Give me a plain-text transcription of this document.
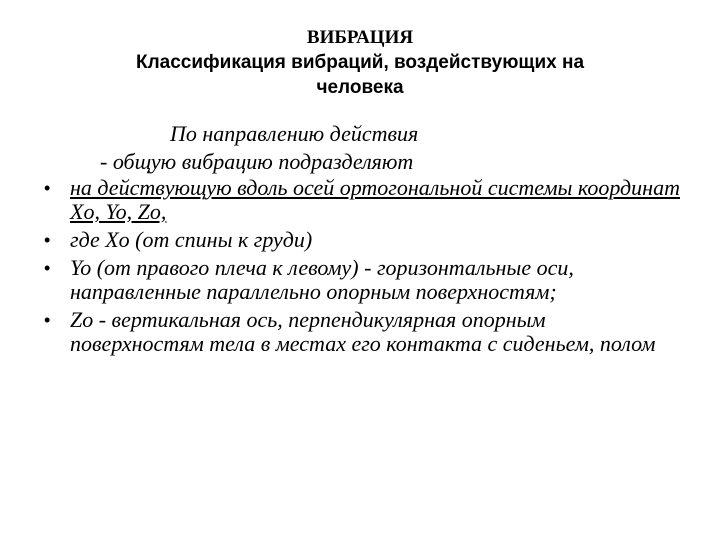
ВИБРАЦИЯ
Классификация вибраций, воздействующих на
человека
По направлению действия
- общую вибрацию подразделяют
• на действующую вдоль осей ортогональной системы координат Xo, Yo, Zo,
• где Xo (от спины к груди)
• Yo (от правого плеча к левому) - горизонтальные оси, направленные параллельно опорным поверхностям;
• Zo - вертикальная ось, перпендикулярная опорным поверхностям тела в местах его контакта с сиденьем, полом
